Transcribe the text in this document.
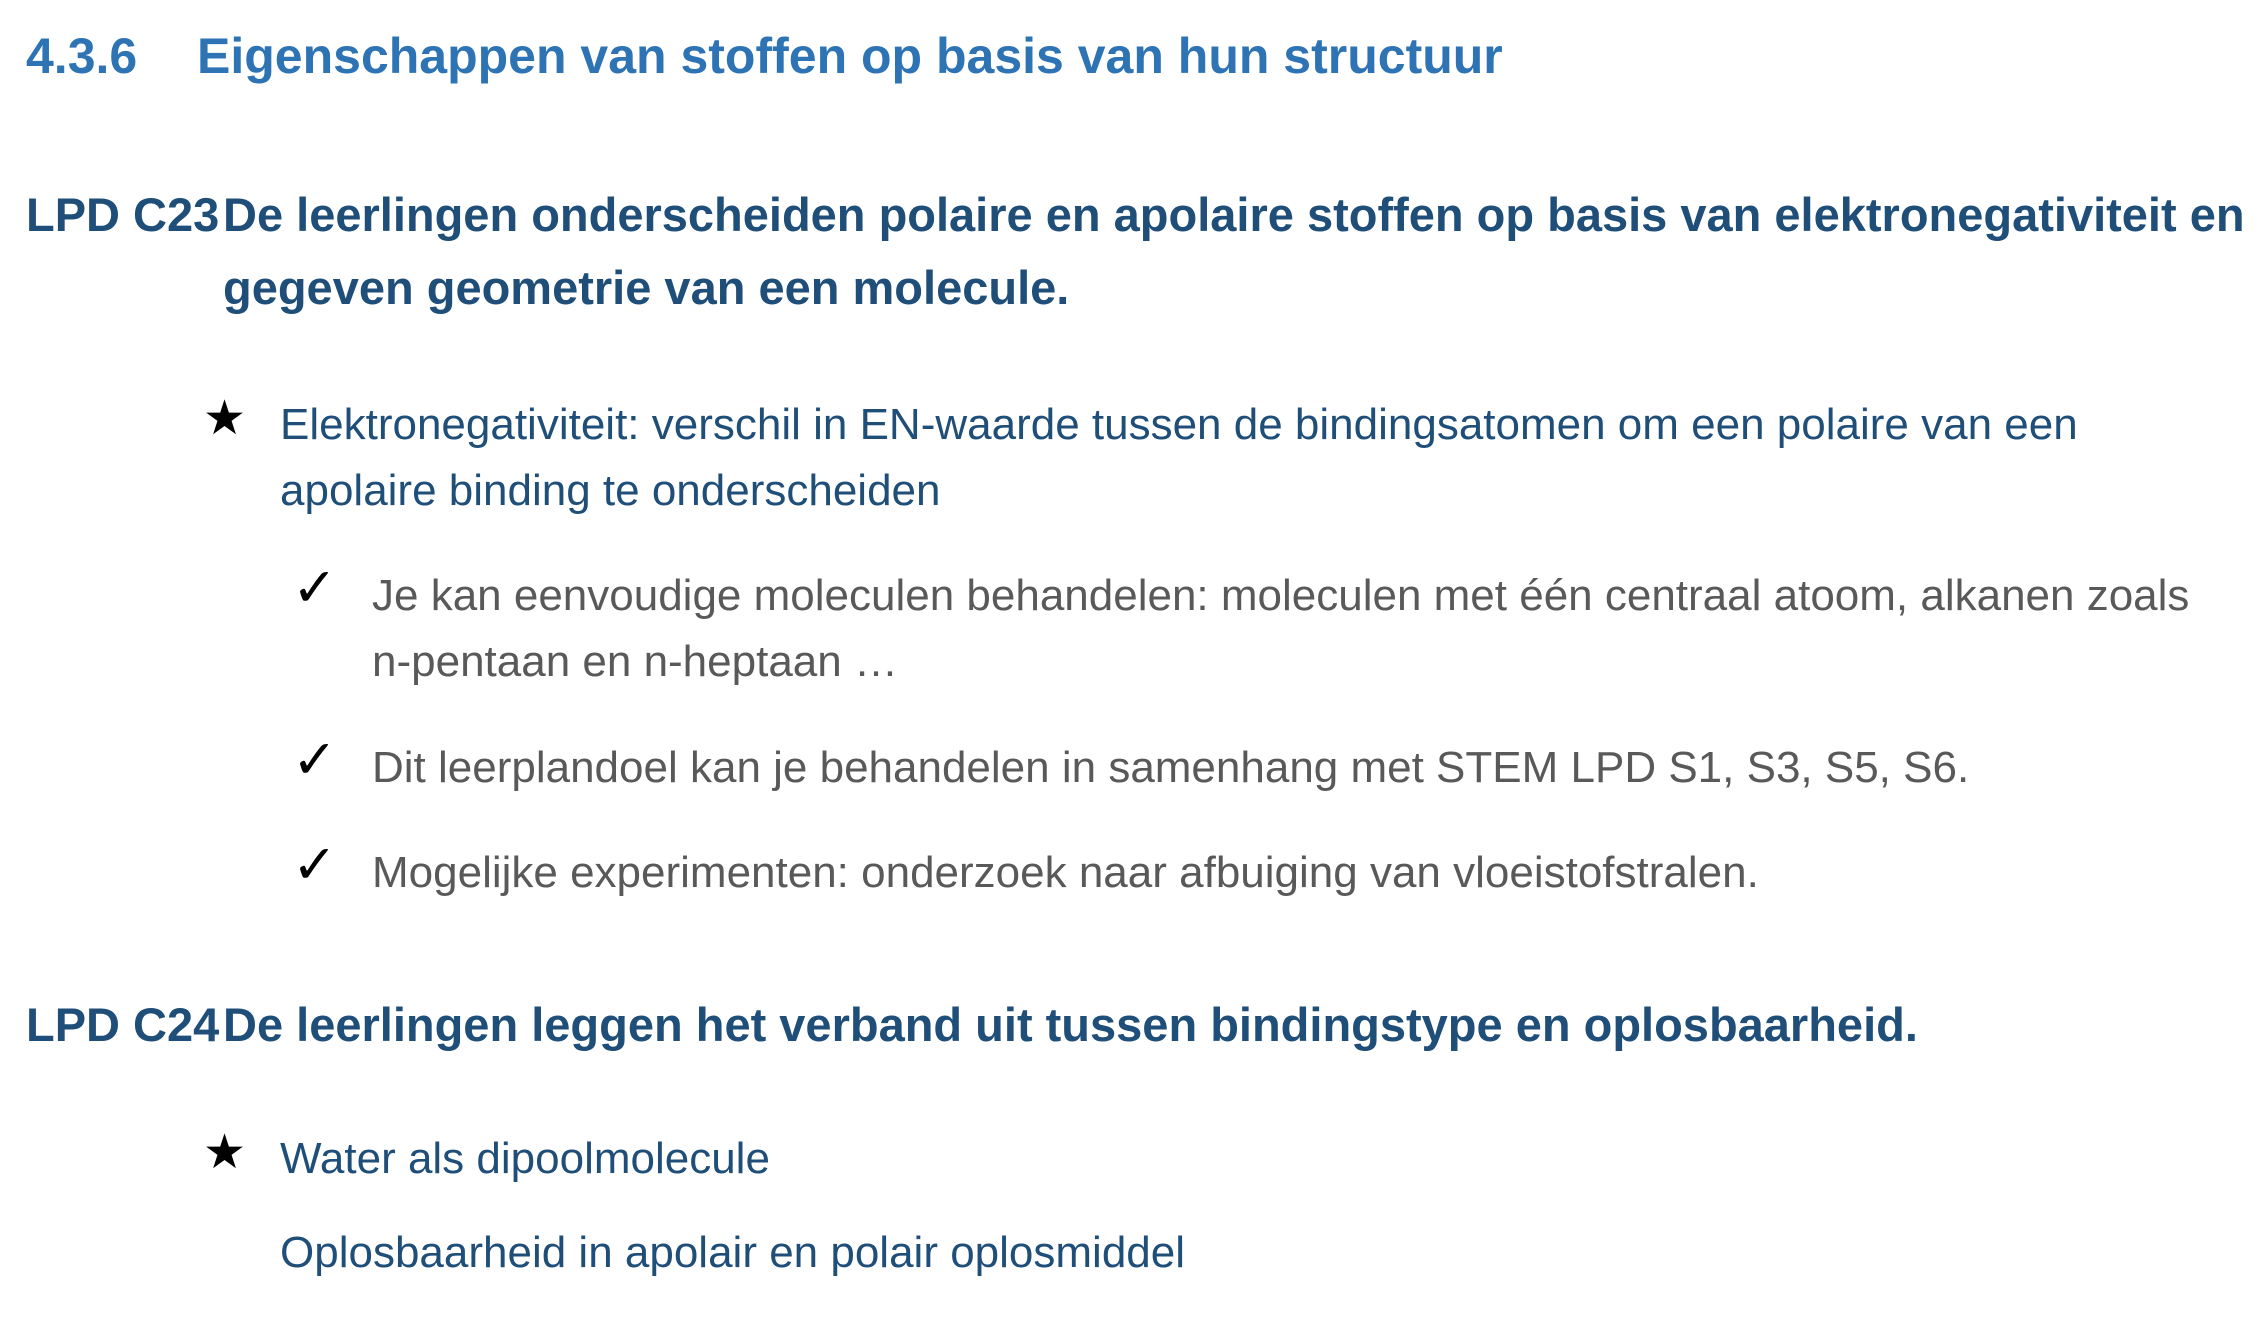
4.3.6 Eigenschappen van stoffen op basis van hun structuur
LPD C23 De leerlingen onderscheiden polaire en apolaire stoffen op basis van elektronegativiteit en gegeven geometrie van een molecule.

★ Elektronegativiteit: verschil in EN-waarde tussen de bindingsatomen om een polaire van een apolaire binding te onderscheiden

✓ Je kan eenvoudige moleculen behandelen: moleculen met één centraal atoom, alkanen zoals n-pentaan en n-heptaan …

✓ Dit leerplandoel kan je behandelen in samenhang met STEM LPD S1, S3, S5, S6.

✓ Mogelijke experimenten: onderzoek naar afbuiging van vloeistofstralen.

LPD C24 De leerlingen leggen het verband uit tussen bindingstype en oplosbaarheid.

★ Water als dipoolmolecule

Oplosbaarheid in apolair en polair oplosmiddel
